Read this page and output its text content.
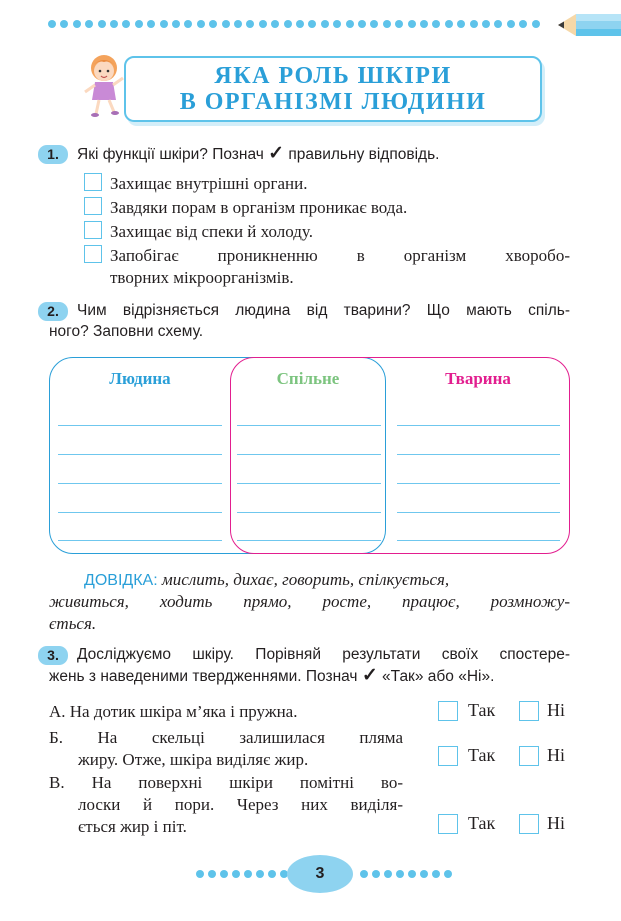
ЯКА РОЛЬ ШКІРИ
В ОРГАНІЗМІ ЛЮДИНИ
1.	Які функції шкіри? Познач ✓ правильну відповідь.
Захищає внутрішні органи.
Завдяки порам в організм проникає вода.
Захищає від спеки й холоду.
Запобігає проникненню в організм хворобо-
творних мікроорганізмів.
2.	Чим відрізняється людина від тварини? Що мають спіль-
ного? Заповни схему.
Людина	Спільне	Тварина
ДОВІДКА: мислить, дихає, говорить, спілкується,
живиться, ходить прямо, росте, працює, розмножу-
ється.
3.	Досліджуємо шкіру. Порівняй результати своїх спостере-
жень з наведеними твердженнями. Познач ✓ «Так» або «Ні».
А. На дотик шкіра м’яка і пружна.
Б. На скельці залишилася пляма
жиру. Отже, шкіра виділяє жир.
В. На поверхні шкіри помітні во-
лоски й пори. Через них виділя-
ється жир і піт.
Так	Ні
Так	Ні
Так	Ні
3
